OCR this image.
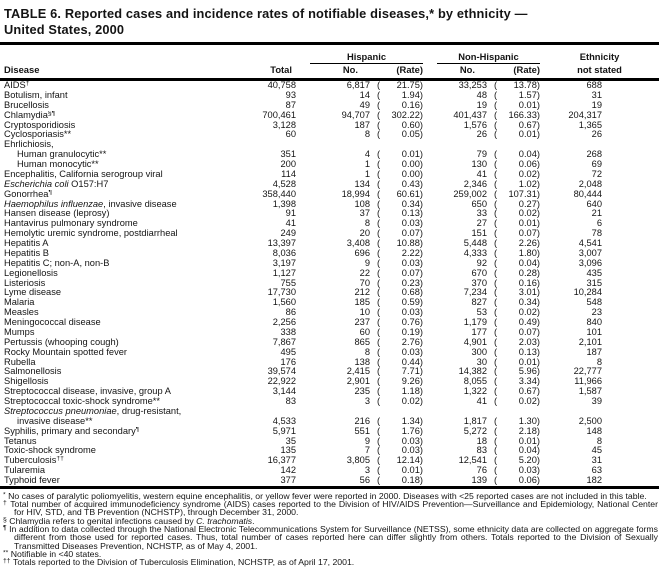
TABLE 6. Reported cases and incidence rates of notifiable diseases,* by ethnicity —
United States, 2000
Hispanic	Non-Hispanic	Ethnicity
Disease	Total	No.	(Rate)	No.	(Rate)	not stated
AIDS†	40,758	6,817 ( 21.75)	33,253 ( 13.78)	688
Botulism, infant	93	14 ( 1.94)	48 ( 1.57)	31
Brucellosis	87	49 ( 0.16)	19 ( 0.01)	19
Chlamydia§¶	700,461	94,707 ( 302.22)	401,437 ( 166.33)	204,317
Cryptosporidiosis	3,128	187 ( 0.60)	1,576 ( 0.67)	1,365
Cyclosporiasis**	60	8 ( 0.05)	26 ( 0.01)	26
Ehrlichiosis,
Human granulocytic**	351	4 ( 0.01)	79 ( 0.04)	268
Human monocytic**	200	1 ( 0.00)	130 ( 0.06)	69
Encephalitis, California serogroup viral	114	1 ( 0.00)	41 ( 0.02)	72
Escherichia coli O157:H7	4,528	134 ( 0.43)	2,346 ( 1.02)	2,048
Gonorrhea¶	358,440	18,994 ( 60.61)	259,002 ( 107.31)	80,444
Haemophilus influenzae, invasive disease	1,398	108 ( 0.34)	650 ( 0.27)	640
Hansen disease (leprosy)	91	37 ( 0.13)	33 ( 0.02)	21
Hantavirus pulmonary syndrome	41	8 ( 0.03)	27 ( 0.01)	6
Hemolytic uremic syndrome, postdiarrheal	249	20 ( 0.07)	151 ( 0.07)	78
Hepatitis A	13,397	3,408 ( 10.88)	5,448 ( 2.26)	4,541
Hepatitis B	8,036	696 ( 2.22)	4,333 ( 1.80)	3,007
Hepatitis C; non-A, non-B	3,197	9 ( 0.03)	92 ( 0.04)	3,096
Legionellosis	1,127	22 ( 0.07)	670 ( 0.28)	435
Listeriosis	755	70 ( 0.23)	370 ( 0.16)	315
Lyme disease	17,730	212 ( 0.68)	7,234 ( 3.01)	10,284
Malaria	1,560	185 ( 0.59)	827 ( 0.34)	548
Measles	86	10 ( 0.03)	53 ( 0.02)	23
Meningococcal disease	2,256	237 ( 0.76)	1,179 ( 0.49)	840
Mumps	338	60 ( 0.19)	177 ( 0.07)	101
Pertussis (whooping cough)	7,867	865 ( 2.76)	4,901 ( 2.03)	2,101
Rocky Mountain spotted fever	495	8 ( 0.03)	300 ( 0.13)	187
Rubella	176	138 ( 0.44)	30 ( 0.01)	8
Salmonellosis	39,574	2,415 ( 7.71)	14,382 ( 5.96)	22,777
Shigellosis	22,922	2,901 ( 9.26)	8,055 ( 3.34)	11,966
Streptococcal disease, invasive, group A	3,144	235 ( 1.18)	1,322 ( 0.67)	1,587
Streptococcal toxic-shock syndrome**	83	3 ( 0.02)	41 ( 0.02)	39
Streptococcus pneumoniae, drug-resistant,
invasive disease**	4,533	216 ( 1.34)	1,817 ( 1.30)	2,500
Syphilis, primary and secondary¶	5,971	551 ( 1.76)	5,272 ( 2.18)	148
Tetanus	35	9 ( 0.03)	18 ( 0.01)	8
Toxic-shock syndrome	135	7 ( 0.03)	83 ( 0.04)	45
Tuberculosis††	16,377	3,805 ( 12.14)	12,541 ( 5.20)	31
Tularemia	142	3 ( 0.01)	76 ( 0.03)	63
Typhoid fever	377	56 ( 0.18)	139 ( 0.06)	182
* No cases of paralytic poliomyelitis, western equine encephalitis, or yellow fever were reported in 2000. Diseases with <25 reported cases are not included in this table.
† Total number of acquired immunodeficiency syndrome (AIDS) cases reported to the Division of HIV/AIDS Prevention—Surveillance and Epidemiology, National Center for HIV, STD, and TB Prevention (NCHSTP), through December 31, 2000.
§ Chlamydia refers to genital infections caused by C. trachomatis.
¶ In addition to data collected through the National Electronic Telecommunications System for Surveillance (NETSS), some ethnicity data are collected on aggregate forms different from those used for reported cases. Thus, total number of cases reported here can differ slightly from others. Totals reported to the Division of Sexually Transmitted Diseases Prevention, NCHSTP, as of May 4, 2001.
** Notifiable in <40 states.
†† Totals reported to the Division of Tuberculosis Elimination, NCHSTP, as of April 17, 2001.
